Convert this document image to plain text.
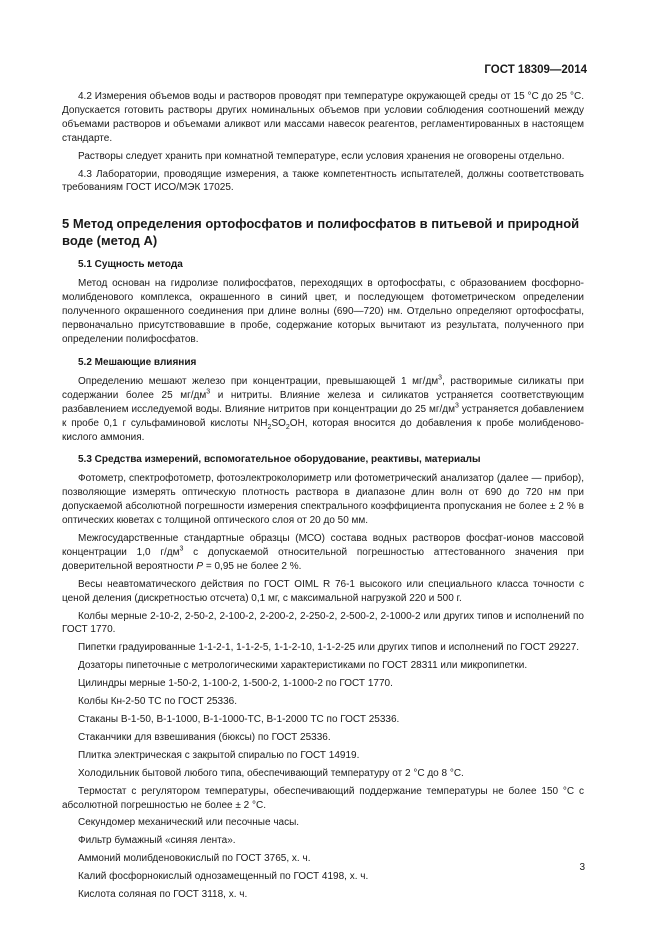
ГОСТ 18309—2014

4.2 Измерения объемов воды и растворов проводят при температуре окружающей среды от 15 °С до 25 °С. Допускается готовить растворы других номинальных объемов при условии соблюдения соотношений между объемами растворов и объемами аликвот или массами навесок реагентов, регламентированных в настоящем стандарте.

Растворы следует хранить при комнатной температуре, если условия хранения не оговорены отдельно.

4.3 Лаборатории, проводящие измерения, а также компетентность испытателей, должны соответствовать требованиям ГОСТ ИСО/МЭК 17025.

5 Метод определения ортофосфатов и полифосфатов в питьевой и природной воде (метод А)
5.1 Сущность метода

Метод основан на гидролизе полифосфатов, переходящих в ортофосфаты, с образованием фосфорно-молибденового комплекса, окрашенного в синий цвет, и последующем фотометрическом определении полученного окрашенного соединения при длине волны (690—720) нм. Отдельно определяют ортофосфаты, первоначально присутствовавшие в пробе, содержание которых вычитают из результата, полученного при определении полифосфатов.

5.2 Мешающие влияния

Определению мешают железо при концентрации, превышающей 1 $мг/дм^3$, растворимые силикаты при содержании более 25 $мг/дм^3$ и нитриты. Влияние железа и силикатов устраняется соответствующим разбавлением исследуемой воды. Влияние нитритов при концентрации до 25 $мг/дм^3$ устраняется добавлением к пробе 0,1 г сульфаминовой кислоты $NH_2SO_2OH$, которая вносится до добавления к пробе молибденово-кислого аммония.

5.3 Средства измерений, вспомогательное оборудование, реактивы, материалы

Фотометр, спектрофотометр, фотоэлектроколориметр или фотометрический анализатор (далее — прибор), позволяющие измерять оптическую плотность раствора в диапазоне длин волн от 690 до 720 нм при допускаемой абсолютной погрешности измерения спектрального коэффициента пропускания не более ± 2 % в оптических кюветах с толщиной оптического слоя от 20 до 50 мм.

Межгосударственные стандартные образцы (МСО) состава водных растворов фосфат-ионов массовой концентрации 1,0 $г/дм^3$ с допускаемой относительной погрешностью аттестованного значения при доверительной вероятности P = 0,95 не более 2 %.

Весы неавтоматического действия по ГОСТ OIML R 76-1 высокого или специального класса точности с ценой деления (дискретностью отсчета) 0,1 мг, с максимальной нагрузкой 220 и 500 г.

Колбы мерные 2-10-2, 2-50-2, 2-100-2, 2-200-2, 2-250-2, 2-500-2, 2-1000-2 или других типов и исполнений по ГОСТ 1770.

Пипетки градуированные 1-1-2-1, 1-1-2-5, 1-1-2-10, 1-1-2-25 или других типов и исполнений по ГОСТ 29227.

Дозаторы пипеточные с метрологическими характеристиками по ГОСТ 28311 или микропипетки.

Цилиндры мерные 1-50-2, 1-100-2, 1-500-2, 1-1000-2 по ГОСТ 1770.

Колбы Кн-2-50 ТС по ГОСТ 25336.

Стаканы В-1-50, В-1-1000, В-1-1000-ТС, В-1-2000 ТС по ГОСТ 25336.

Стаканчики для взвешивания (бюксы) по ГОСТ 25336.

Плитка электрическая с закрытой спиралью по ГОСТ 14919.

Холодильник бытовой любого типа, обеспечивающий температуру от 2 °С до 8 °С.

Термостат с регулятором температуры, обеспечивающий поддержание температуры не более 150 °С с абсолютной погрешностью не более ± 2 °С.

Секундомер механический или песочные часы.

Фильтр бумажный «синяя лента».

Аммоний молибденовокислый по ГОСТ 3765, х. ч.

Калий фосфорнокислый однозамещенный по ГОСТ 4198, х. ч.

Кислота соляная по ГОСТ 3118, х. ч.

3
